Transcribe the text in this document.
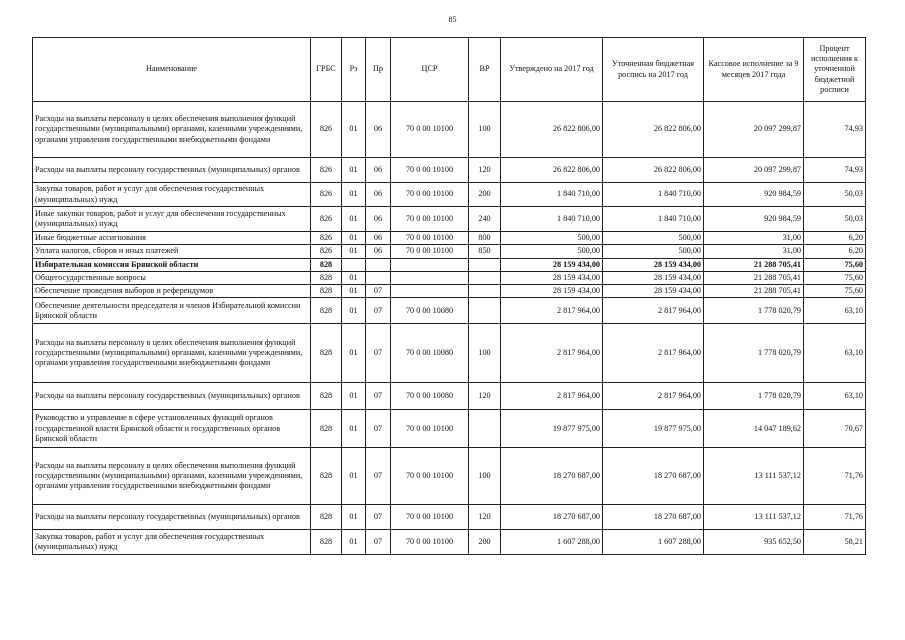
85
Наименование	ГРБС	Рз	Пр	ЦСР	ВР	Утверждено на 2017 год	Уточненная бюджетная роспись на 2017 год	Кассовое исполнение за 9 месяцев 2017 года	Процент исполнения к уточненной бюджетной росписи
Расходы на выплаты персоналу в целях обеспечения выполнения функций государственными (муниципальными) органами, казенными учреждениями, органами управления государственными внебюджетными фондами	826	01	06	70 0 00 10100	100	26 822 806,00	26 822 806,00	20 097 299,87	74,93
Расходы на выплаты персоналу государственных (муниципальных) органов	826	01	06	70 0 00 10100	120	26 822 806,00	26 822 806,00	20 097 299,87	74,93
Закупка товаров, работ и услуг для обеспечения государственных (муниципальных) нужд	826	01	06	70 0 00 10100	200	1 840 710,00	1 840 710,00	920 984,59	50,03
Иные закупки товаров, работ и услуг для обеспечения государственных (муниципальных) нужд	826	01	06	70 0 00 10100	240	1 840 710,00	1 840 710,00	920 984,59	50,03
Иные бюджетные ассигнования	826	01	06	70 0 00 10100	800	500,00	500,00	31,00	6,20
Уплата налогов, сборов и иных платежей	826	01	06	70 0 00 10100	850	500,00	500,00	31,00	6,20
Избирательная комиссия Брянской области	828					28 159 434,00	28 159 434,00	21 288 705,41	75,60
Общегосударственные вопросы	828	01				28 159 434,00	28 159 434,00	21 288 705,41	75,60
Обеспечение проведения выборов и референдумов	828	01	07			28 159 434,00	28 159 434,00	21 288 705,41	75,60
Обеспечение деятельности председателя и членов Избирательной комиссии Брянской области	828	01	07	70 0 00 10080		2 817 964,00	2 817 964,00	1 778 020,79	63,10
Расходы на выплаты персоналу в целях обеспечения выполнения функций государственными (муниципальными) органами, казенными учреждениями, органами управления государственными внебюджетными фондами	828	01	07	70 0 00 10080	100	2 817 964,00	2 817 964,00	1 778 020,79	63,10
Расходы на выплаты персоналу государственных (муниципальных) органов	828	01	07	70 0 00 10080	120	2 817 964,00	2 817 964,00	1 778 020,79	63,10
Руководство и управление в сфере установленных функций органов государственной власти Брянской области и государственных органов Брянской области	828	01	07	70 0 00 10100		19 877 975,00	19 877 975,00	14 047 189,62	70,67
Расходы на выплаты персоналу в целях обеспечения выполнения функций государственными (муниципальными) органами, казенными учреждениями, органами управления государственными внебюджетными фондами	828	01	07	70 0 00 10100	100	18 270 687,00	18 270 687,00	13 111 537,12	71,76
Расходы на выплаты персоналу государственных (муниципальных) органов	828	01	07	70 0 00 10100	120	18 270 687,00	18 270 687,00	13 111 537,12	71,76
Закупка товаров, работ и услуг для обеспечения государственных (муниципальных) нужд	828	01	07	70 0 00 10100	200	1 607 288,00	1 607 288,00	935 652,50	58,21
